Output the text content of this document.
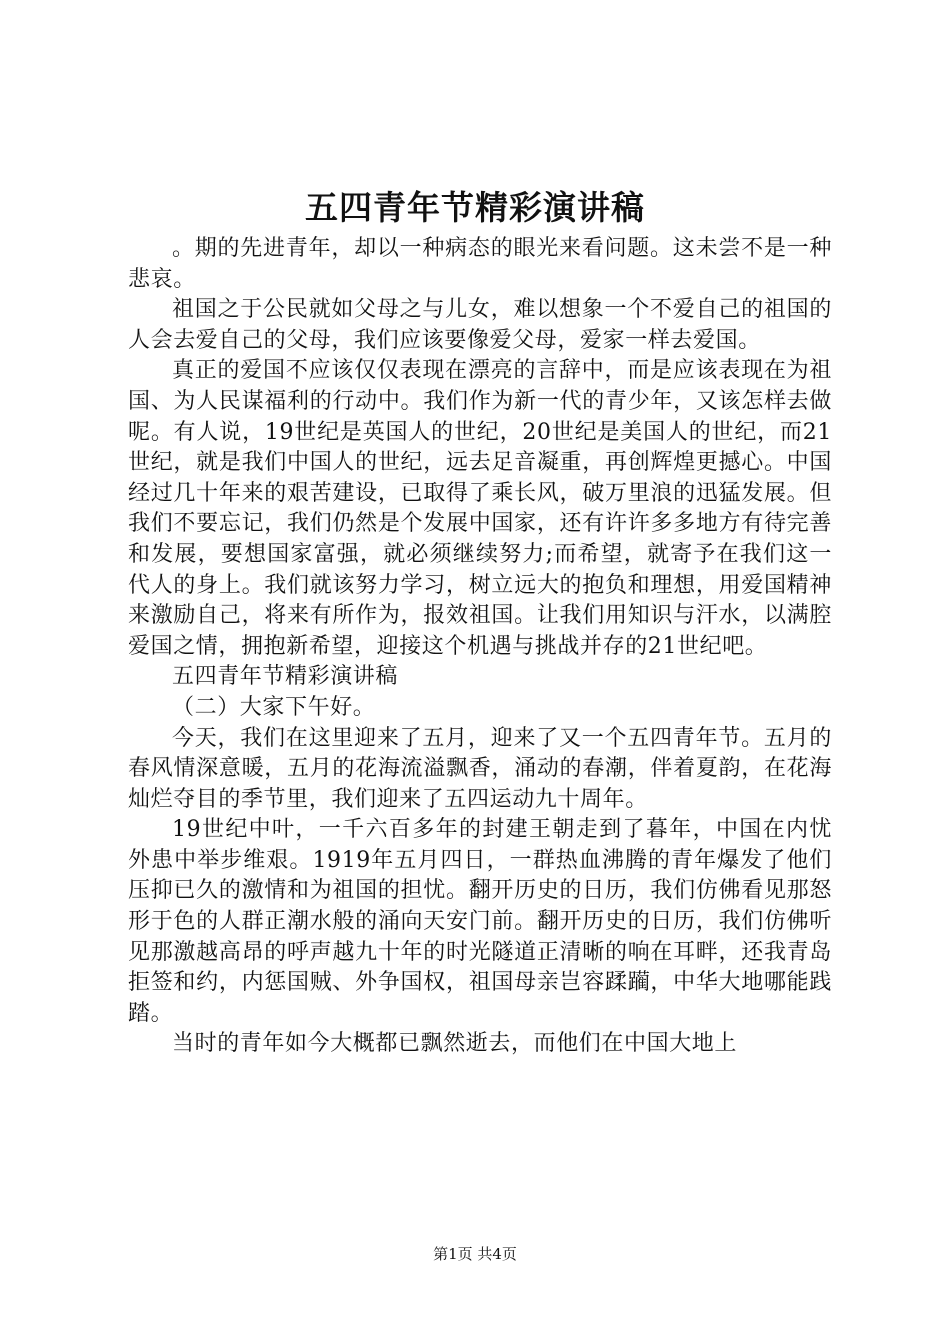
五四青年节精彩演讲稿

。期的先进青年，却以一种病态的眼光来看问题。这未尝不是一种悲哀。

祖国之于公民就如父母之与儿女，难以想象一个不爱自己的祖国的人会去爱自己的父母，我们应该要像爱父母，爱家一样去爱国。

真正的爱国不应该仅仅表现在漂亮的言辞中，而是应该表现在为祖国、为人民谋福利的行动中。我们作为新一代的青少年，又该怎样去做呢。有人说，19世纪是英国人的世纪，20世纪是美国人的世纪，而21世纪，就是我们中国人的世纪，远去足音凝重，再创辉煌更撼心。中国经过几十年来的艰苦建设，已取得了乘长风，破万里浪的迅猛发展。但我们不要忘记，我们仍然是个发展中国家，还有许许多多地方有待完善和发展，要想国家富强，就必须继续努力;而希望，就寄予在我们这一代人的身上。我们就该努力学习，树立远大的抱负和理想，用爱国精神来激励自己，将来有所作为，报效祖国。让我们用知识与汗水，以满腔爱国之情，拥抱新希望，迎接这个机遇与挑战并存的21世纪吧。

五四青年节精彩演讲稿

（二）大家下午好。

今天，我们在这里迎来了五月，迎来了又一个五四青年节。五月的春风情深意暖，五月的花海流溢飘香，涌动的春潮，伴着夏韵，在花海灿烂夺目的季节里，我们迎来了五四运动九十周年。

19世纪中叶，一千六百多年的封建王朝走到了暮年，中国在内忧外患中举步维艰。1919年五月四日，一群热血沸腾的青年爆发了他们压抑已久的激情和为祖国的担忧。翻开历史的日历，我们仿佛看见那怒形于色的人群正潮水般的涌向天安门前。翻开历史的日历，我们仿佛听见那激越高昂的呼声越九十年的时光隧道正清晰的响在耳畔，还我青岛拒签和约，内惩国贼、外争国权，祖国母亲岂容蹂躏，中华大地哪能践踏。

当时的青年如今大概都已飘然逝去，而他们在中国大地上

第1页 共4页
